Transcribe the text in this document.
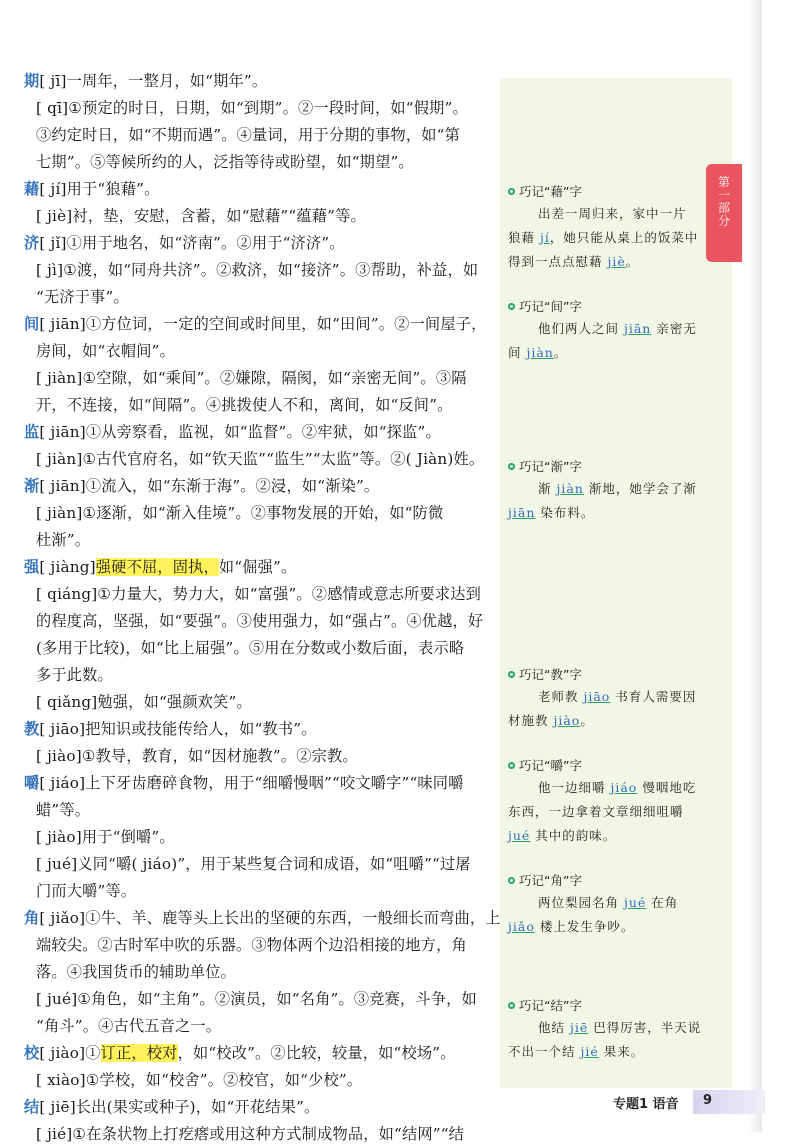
第
一
部
分
期[ jī]一周年，一整月，如“期年”。
[ qī]①预定的时日，日期，如“到期”。②一段时间，如“假期”。
③约定时日，如“不期而遇”。④量词，用于分期的事物，如“第
七期”。⑤等候所约的人，泛指等待或盼望，如“期望”。
藉[ jí]用于“狼藉”。
[ jiè]衬，垫，安慰，含蓄，如“慰藉”“蕴藉”等。
济[ jǐ]①用于地名，如“济南”。②用于“济济”。
[ jì]①渡，如“同舟共济”。②救济，如“接济”。③帮助，补益，如
“无济于事”。
间[ jiān]①方位词，一定的空间或时间里，如“田间”。②一间屋子，
房间，如“衣帽间”。
[ jiàn]①空隙，如“乘间”。②嫌隙，隔阂，如“亲密无间”。③隔
开，不连接，如“间隔”。④挑拨使人不和，离间，如“反间”。
监[ jiān]①从旁察看，监视，如“监督”。②牢狱，如“探监”。
[ jiàn]①古代官府名，如“钦天监”“监生”“太监”等。②( Jiàn)姓。
渐[ jiān]①流入，如“东渐于海”。②浸，如“渐染”。
[ jiàn]①逐渐，如“渐入佳境”。②事物发展的开始，如“防微
杜渐”。
强[ jiàng]强硬不屈，固执，如“倔强”。
[ qiáng]①力量大，势力大，如“富强”。②感情或意志所要求达到
的程度高，坚强，如“要强”。③使用强力，如“强占”。④优越，好
(多用于比较)，如“比上届强”。⑤用在分数或小数后面，表示略
多于此数。
[ qiǎng]勉强，如“强颜欢笑”。
教[ jiāo]把知识或技能传给人，如“教书”。
[ jiào]①教导，教育，如“因材施教”。②宗教。
嚼[ jiáo]上下牙齿磨碎食物，用于“细嚼慢咽”“咬文嚼字”“味同嚼
蜡”等。
[ jiào]用于“倒嚼”。
[ jué]义同“嚼( jiáo)”，用于某些复合词和成语，如“咀嚼”“过屠
门而大嚼”等。
角[ jiǎo]①牛、羊、鹿等头上长出的坚硬的东西，一般细长而弯曲，上
端较尖。②古时军中吹的乐器。③物体两个边沿相接的地方，角
落。④我国货币的辅助单位。
[ jué]①角色，如“主角”。②演员，如“名角”。③竞赛，斗争，如
“角斗”。④古代五音之一。
校[ jiào]①订正，校对，如“校改”。②比较，较量，如“校场”。
[ xiào]①学校，如“校舍”。②校官，如“少校”。
结[ jiē]长出(果实或种子)，如“开花结果”。
[ jié]①在条状物上打疙瘩或用这种方式制成物品，如“结网”“结
巧记“藉”字
出差一周归来，家中一片
狼藉 jí，她只能从桌上的饭菜中
得到一点点慰藉 jiè。
巧记“间”字
他们两人之间 jiān 亲密无
间 jiàn。
巧记“渐”字
渐 jiàn 渐地，她学会了渐
jiān 染布料。
巧记“教”字
老师教 jiāo 书育人需要因
材施教 jiào。
巧记“嚼”字
他一边细嚼 jiáo 慢咽地吃
东西，一边拿着文章细细咀嚼
jué 其中的韵味。
巧记“角”字
两位梨园名角 jué 在角
jiǎo 楼上发生争吵。
巧记“结”字
他结 jiē 巴得厉害，半天说
不出一个结 jié 果来。
专题1 语音 9
